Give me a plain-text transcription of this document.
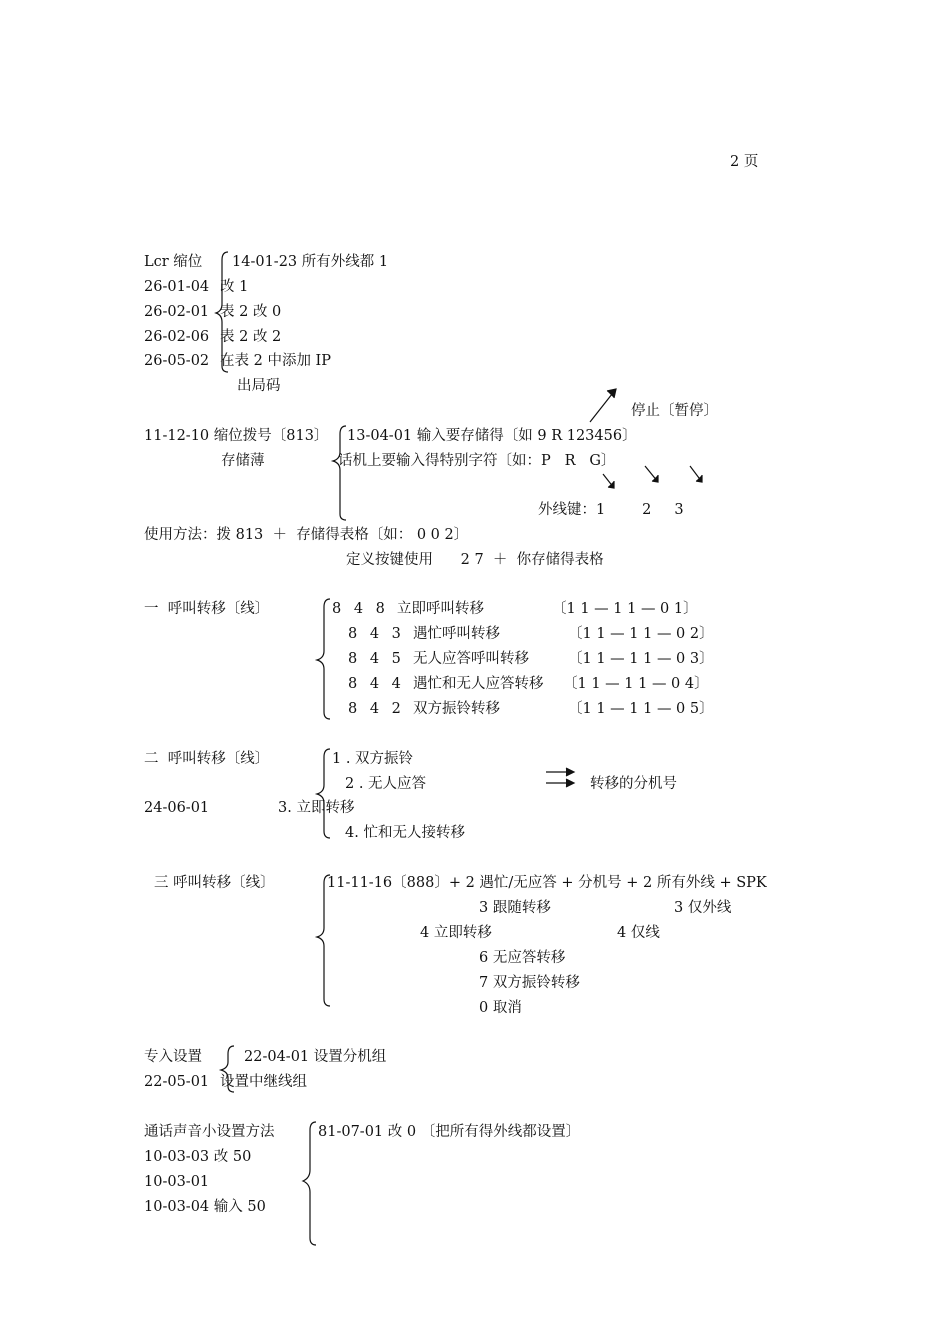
2 页
Lcr 缩位 14-01-23 所有外线都 1
26-01-04 改 1
26-02-01 表 2 改 0
26-02-06 表 2 改 2
26-05-02 在表 2 中添加 IP
出局码
停止〔暂停〕
11-12-10 缩位拨号〔813〕 13-04-01 输入要存储得〔如 9 R 123456〕
存储薄	话机上要输入得特别字符〔如：P   R   G〕
外线键：1        2     3
使用方法：拨 813  ＋  存储得表格〔如： 0 0 2〕
定义按键使用      2 7  ＋  你存储得表格
一  呼叫转移〔线〕	8 4 8 立即呼叫转移	〔1 1 — 1 1 — 0 1〕
8 4 3 遇忙呼叫转移	〔1 1 — 1 1 — 0 2〕
8 4 5 无人应答呼叫转移	〔1 1 — 1 1 — 0 3〕
8 4 4 遇忙和无人应答转移 〔1 1 — 1 1 — 0 4〕
8 4 2 双方振铃转移	〔1 1 — 1 1 — 0 5〕
二  呼叫转移〔线〕	1 . 双方振铃
2 . 无人应答	转移的分机号
24-06-01	3. 立即转移
4. 忙和无人接转移
三 呼叫转移〔线〕	11-11-16〔888〕+ 2 遇忙/无应答 + 分机号 + 2 所有外线 + SPK
3 跟随转移	3 仅外线
4 立即转移	4 仅线
6 无应答转移
7 双方振铃转移
0 取消
专入设置	22-04-01 设置分机组
22-05-01 设置中继线组
通话声音小设置方法	81-07-01 改 0 〔把所有得外线都设置〕
10-03-03 改 50
10-03-01
10-03-04 输入 50
